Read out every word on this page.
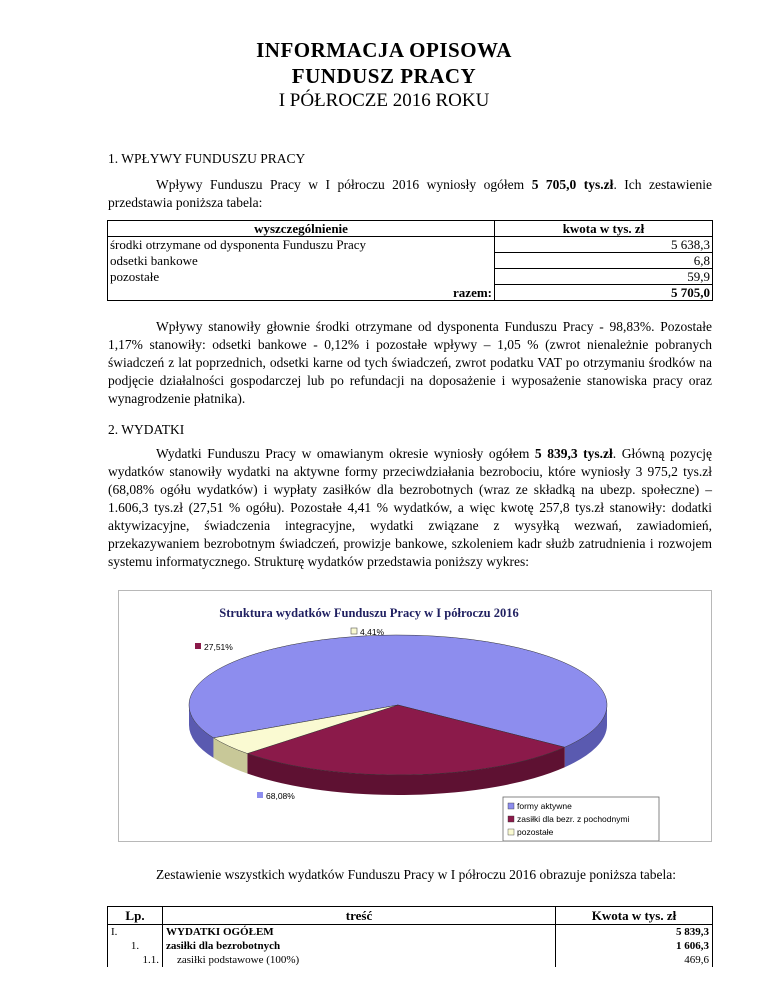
INFORMACJA OPISOWA
FUNDUSZ PRACY
I PÓŁROCZE 2016 ROKU
1. WPŁYWY FUNDUSZU PRACY
Wpływy Funduszu Pracy w I półroczu 2016 wyniosły ogółem 5 705,0 tys.zł. Ich zestawienie przedstawia poniższa tabela:
wyszczególnienie	kwota w tys. zł
środki otrzymane od dysponenta Funduszu Pracy	5 638,3
odsetki bankowe	6,8
pozostałe	59,9
razem:	5 705,0
Wpływy stanowiły głownie środki otrzymane od dysponenta Funduszu Pracy - 98,83%. Pozostałe 1,17% stanowiły: odsetki bankowe - 0,12% i pozostałe wpływy – 1,05 % (zwrot nienależnie pobranych świadczeń z lat poprzednich, odsetki karne od tych świadczeń, zwrot podatku VAT po otrzymaniu środków na podjęcie działalności gospodarczej lub po refundacji na doposażenie i wyposażenie stanowiska pracy oraz wynagrodzenie płatnika).
2. WYDATKI
Wydatki Funduszu Pracy w omawianym okresie wyniosły ogółem 5 839,3 tys.zł. Główną pozycję wydatków stanowiły wydatki na aktywne formy przeciwdziałania bezrobociu, które wyniosły 3 975,2 tys.zł (68,08% ogółu wydatków) i wypłaty zasiłków dla bezrobotnych (wraz ze składką na ubezp. społeczne) – 1.606,3 tys.zł (27,51 % ogółu). Pozostałe 4,41 % wydatków, a więc kwotę 257,8 tys.zł stanowiły: dodatki aktywizacyjne, świadczenia integracyjne, wydatki związane z wysyłką wezwań, zawiadomień, przekazywaniem bezrobotnym świadczeń, prowizje bankowe, szkoleniem kadr służb zatrudnienia i rozwojem systemu informatycznego. Strukturę wydatków przedstawia poniższy wykres:
Struktura wydatków Funduszu Pracy w I półroczu 2016
4,41%
27,51%
68,08%
formy aktywne
zasiłki dla bezr. z pochodnymi
pozostałe
Zestawienie wszystkich wydatków Funduszu Pracy w I półroczu 2016 obrazuje poniższa tabela:
Lp.	treść	Kwota w tys. zł
I.	WYDATKI OGÓŁEM	5 839,3
1.	zasiłki dla bezrobotnych	1 606,3
1.1.	zasiłki podstawowe (100%)	469,6
